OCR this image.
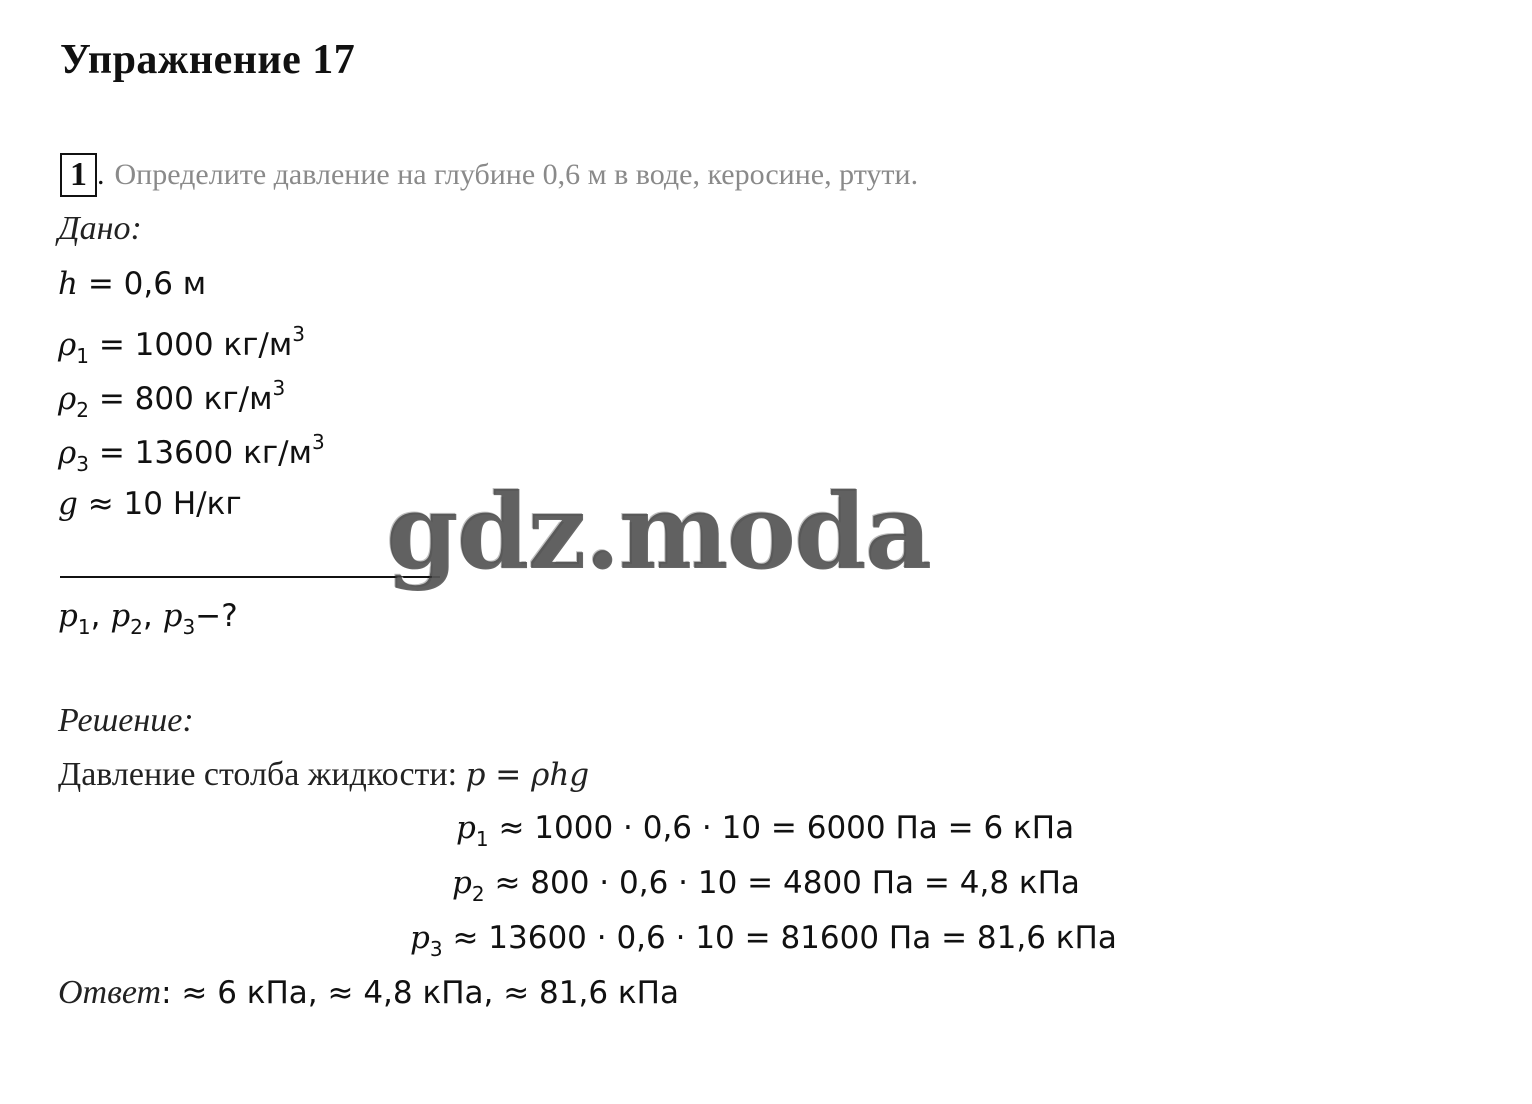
Упражнение 17
1 . Определите давление на глубине 0,6 м в воде, керосине, ртути.
Дано:
h = 0,6 м
$\rho_1 = 1000$ $кг/м^3$
$\rho_2 = 800$ $кг/м^3$
$\rho_3 = 13600$ $кг/м^3$
g ≈ 10 Н/кг
$p_1$, $p_2$, $p_3-$?
Решение:
Давление столба жидкости: p = ρhg
$p_1 \approx 1000 \cdot 0,6 \cdot 10 = 6000$ Па = 6 кПа
$p_2 \approx 800 \cdot 0,6 \cdot 10 = 4800$ Па = 4,8 кПа
$p_3 \approx 13600 \cdot 0,6 \cdot 10 = 81600$ Па = 81,6 кПа
Ответ: ≈ 6 кПа, ≈ 4,8 кПа, ≈ 81,6 кПа
gdz.moda
